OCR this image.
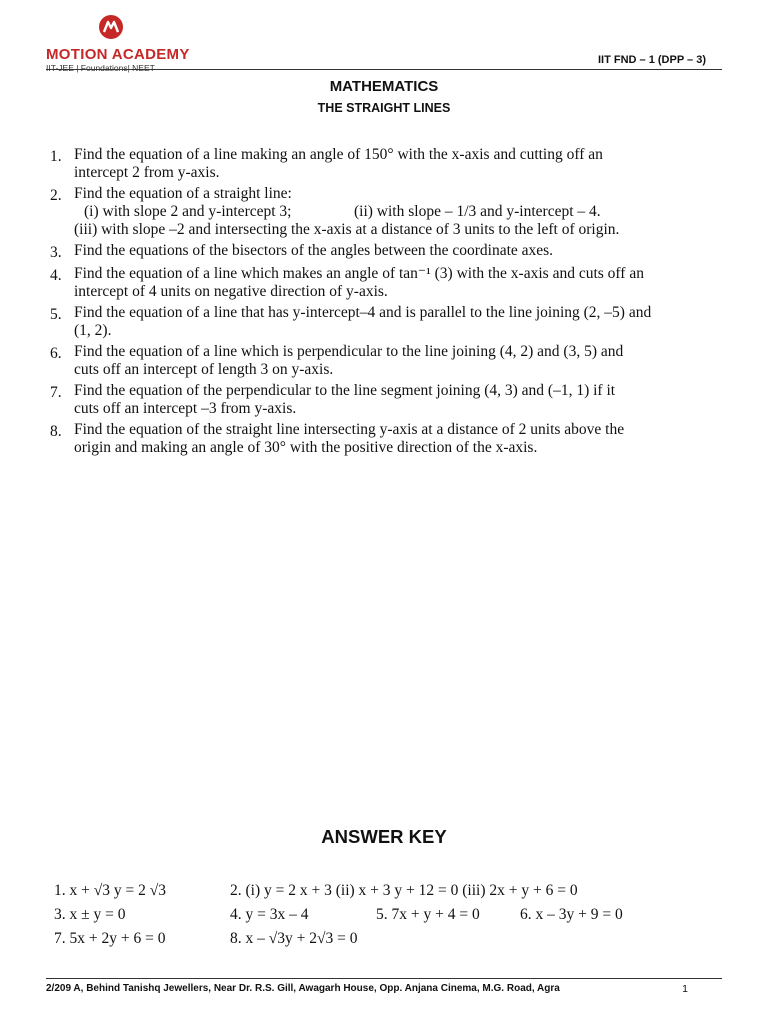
MOTION ACADEMY
IIT-JEE | Foundations| NEET
IIT FND – 1 (DPP – 3)
MATHEMATICS
THE STRAIGHT LINES
1. Find the equation of a line making an angle of 150° with the x-axis and cutting off an
intercept 2 from y-axis.
2. Find the equation of a straight line:
(i) with slope 2 and y-intercept 3;	(ii) with slope – 1/3 and y-intercept – 4.
(iii) with slope –2 and intersecting the x-axis at a distance of 3 units to the left of origin.
3. Find the equations of the bisectors of the angles between the coordinate axes.
4. Find the equation of a line which makes an angle of tan⁻¹ (3) with the x-axis and cuts off an
intercept of 4 units on negative direction of y-axis.
5. Find the equation of a line that has y-intercept–4 and is parallel to the line joining (2, –5) and
(1, 2).
6. Find the equation of a line which is perpendicular to the line joining (4, 2) and (3, 5) and
cuts off an intercept of length 3 on y-axis.
7. Find the equation of the perpendicular to the line segment joining (4, 3) and (–1, 1) if it
cuts off an intercept –3 from y-axis.
8. Find the equation of the straight line intersecting y-axis at a distance of 2 units above the
origin and making an angle of 30° with the positive direction of the x-axis.
ANSWER KEY
1. x + √3 y = 2 √3	2. (i) y = 2 x + 3 (ii) x + 3 y + 12 = 0 (iii) 2x + y + 6 = 0
3. x ± y = 0	4. y = 3x – 4	5. 7x + y + 4 = 0	6. x – 3y + 9 = 0
7. 5x + 2y + 6 = 0	8. x – √3y + 2√3 = 0
2/209 A, Behind Tanishq Jewellers, Near Dr. R.S. Gill, Awagarh House, Opp. Anjana Cinema, M.G. Road, Agra	1
